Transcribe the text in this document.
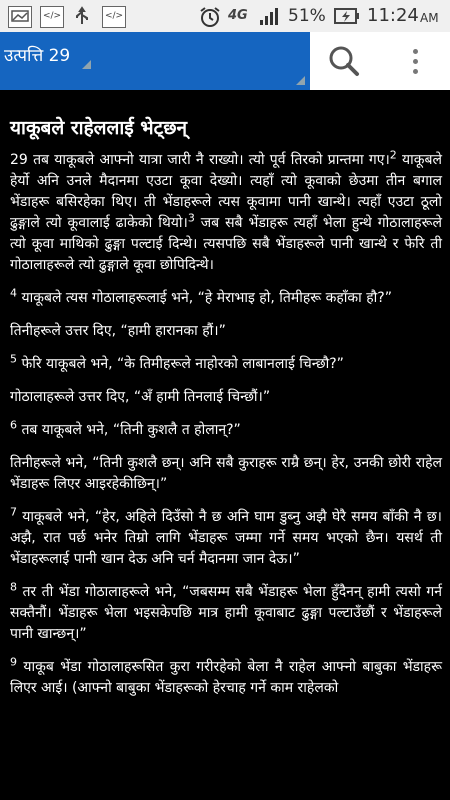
</>	</>	4G 51% 11:24 AM
उत्पत्ति 29
याकूबले राहेललाई भेट्छन्

29 तब याकूबले आफ्नो यात्रा जारी नै राख्यो। त्यो पूर्व तिरको प्रान्तमा गए।$^2$ याकूबले हेर्यो अनि उनले मैदानमा एउटा कूवा देख्यो। त्यहाँ त्यो कूवाको छेउमा तीन बगाल भेंडाहरू बसिरहेका थिए। ती भेंडाहरूले त्यस कूवामा पानी खान्थे। त्यहाँ एउटा ठूलो ढुङ्गाले त्यो कूवालाई ढाकेको थियो।$^3$ जब सबै भेंडाहरू त्यहाँ भेला हुन्थे गोठालाहरूले त्यो कूवा माथिको ढुङ्गा पल्टाई दिन्थे। त्यसपछि सबै भेंडाहरूले पानी खान्थे र फेरि ती गोठालाहरूले त्यो ढुङ्गाले कूवा छोपिदिन्थे।

$^4$ याकूबले त्यस गोठालाहरूलाई भने, “हे मेराभाइ हो, तिमीहरू कहाँका हौ?”

तिनीहरूले उत्तर दिए, “हामी हारानका हौं।”

$^5$ फेरि याकूबले भने, “के तिमीहरूले नाहोरको लाबानलाई चिन्छौ?”

गोठालाहरूले उत्तर दिए, “अँ हामी तिनलाई चिन्छौं।”

$^6$ तब याकूबले भने, “तिनी कुशलै त होलान्?”

तिनीहरूले भने, “तिनी कुशलै छन्। अनि सबै कुराहरू राम्रै छन्। हेर, उनकी छोरी राहेल भेंडाहरू लिएर आइरहेकीछिन्।”

$^7$ याकूबले भने, “हेर, अहिले दिउँसो नै छ अनि घाम डुब्नु अझै घेरै समय बाँकी नै छ। अझै, रात पर्छ भनेर तिम्रो लागि भेंडाहरू जम्मा गर्ने समय भएको छैन। यसर्थ ती भेंडाहरूलाई पानी खान देऊ अनि चर्न मैदानमा जान देऊ।”

$^8$ तर ती भेंडा गोठालाहरूले भने, “जबसम्म सबै भेंडाहरू भेला हुँदैनन् हामी त्यसो गर्न सक्तैनौं। भेंडाहरू भेला भइसकेपछि मात्र हामी कूवाबाट ढुङ्गा पल्टाउँछौं र भेंडाहरूले पानी खान्छन्।”

$^9$ याकूब भेंडा गोठालाहरूसित कुरा गरीरहेको बेला नै राहेल आफ्नो बाबुका भेंडाहरू लिएर आई। (आफ्नो बाबुका भेंडाहरूको हेरचाह गर्ने काम राहेलको
